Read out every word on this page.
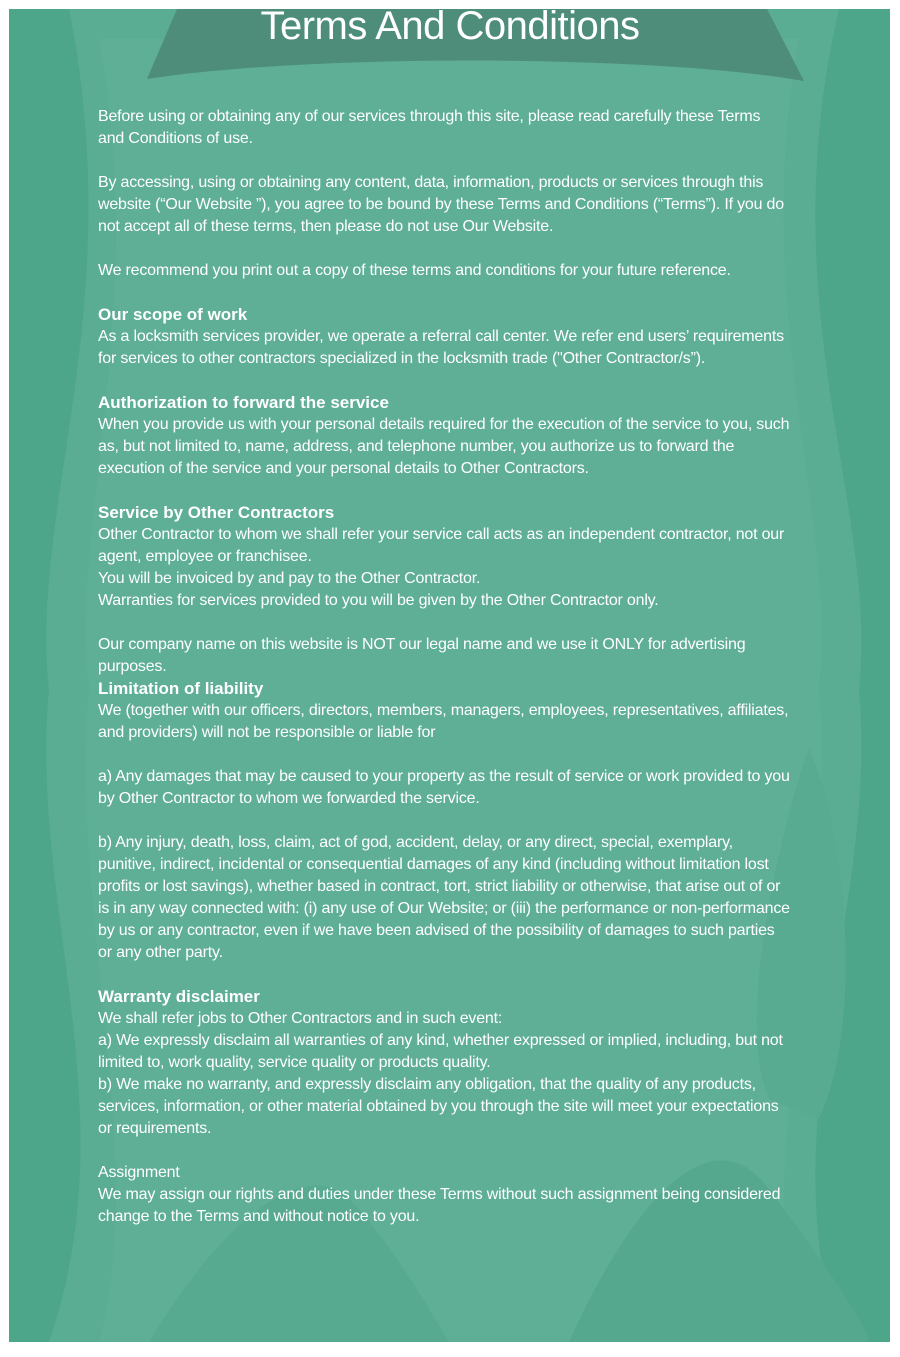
Terms And Conditions

Before using or obtaining any of our services through this site, please read carefully these Terms and Conditions of use.

By accessing, using or obtaining any content, data, information, products or services through this website (“Our Website ”), you agree to be bound by these Terms and Conditions (“Terms”). If you do not accept all of these terms, then please do not use Our Website.

We recommend you print out a copy of these terms and conditions for your future reference.

Our scope of work

As a locksmith services provider, we operate a referral call center. We refer end users’ requirements for services to other contractors specialized in the locksmith trade ("Other Contractor/s”).

Authorization to forward the service

When you provide us with your personal details required for the execution of the service to you, such as, but not limited to, name, address, and telephone number, you authorize us to forward the execution of the service and your personal details to Other Contractors.

Service by Other Contractors

Other Contractor to whom we shall refer your service call acts as an independent contractor, not our agent, employee or franchisee.

You will be invoiced by and pay to the Other Contractor.

Warranties for services provided to you will be given by the Other Contractor only.

Our company name on this website is NOT our legal name and we use it ONLY for advertising purposes.

Limitation of liability

We (together with our officers, directors, members, managers, employees, representatives, affiliates, and providers) will not be responsible or liable for

a) Any damages that may be caused to your property as the result of service or work provided to you by Other Contractor to whom we forwarded the service.

b) Any injury, death, loss, claim, act of god, accident, delay, or any direct, special, exemplary, punitive, indirect, incidental or consequential damages of any kind (including without limitation lost profits or lost savings), whether based in contract, tort, strict liability or otherwise, that arise out of or is in any way connected with: (i) any use of Our Website; or (iii) the performance or non-performance by us or any contractor, even if we have been advised of the possibility of damages to such parties or any other party.

Warranty disclaimer

We shall refer jobs to Other Contractors and in such event:

a) We expressly disclaim all warranties of any kind, whether expressed or implied, including, but not limited to, work quality, service quality or products quality.

b) We make no warranty, and expressly disclaim any obligation, that the quality of any products, services, information, or other material obtained by you through the site will meet your expectations or requirements.

Assignment

We may assign our rights and duties under these Terms without such assignment being considered change to the Terms and without notice to you.
